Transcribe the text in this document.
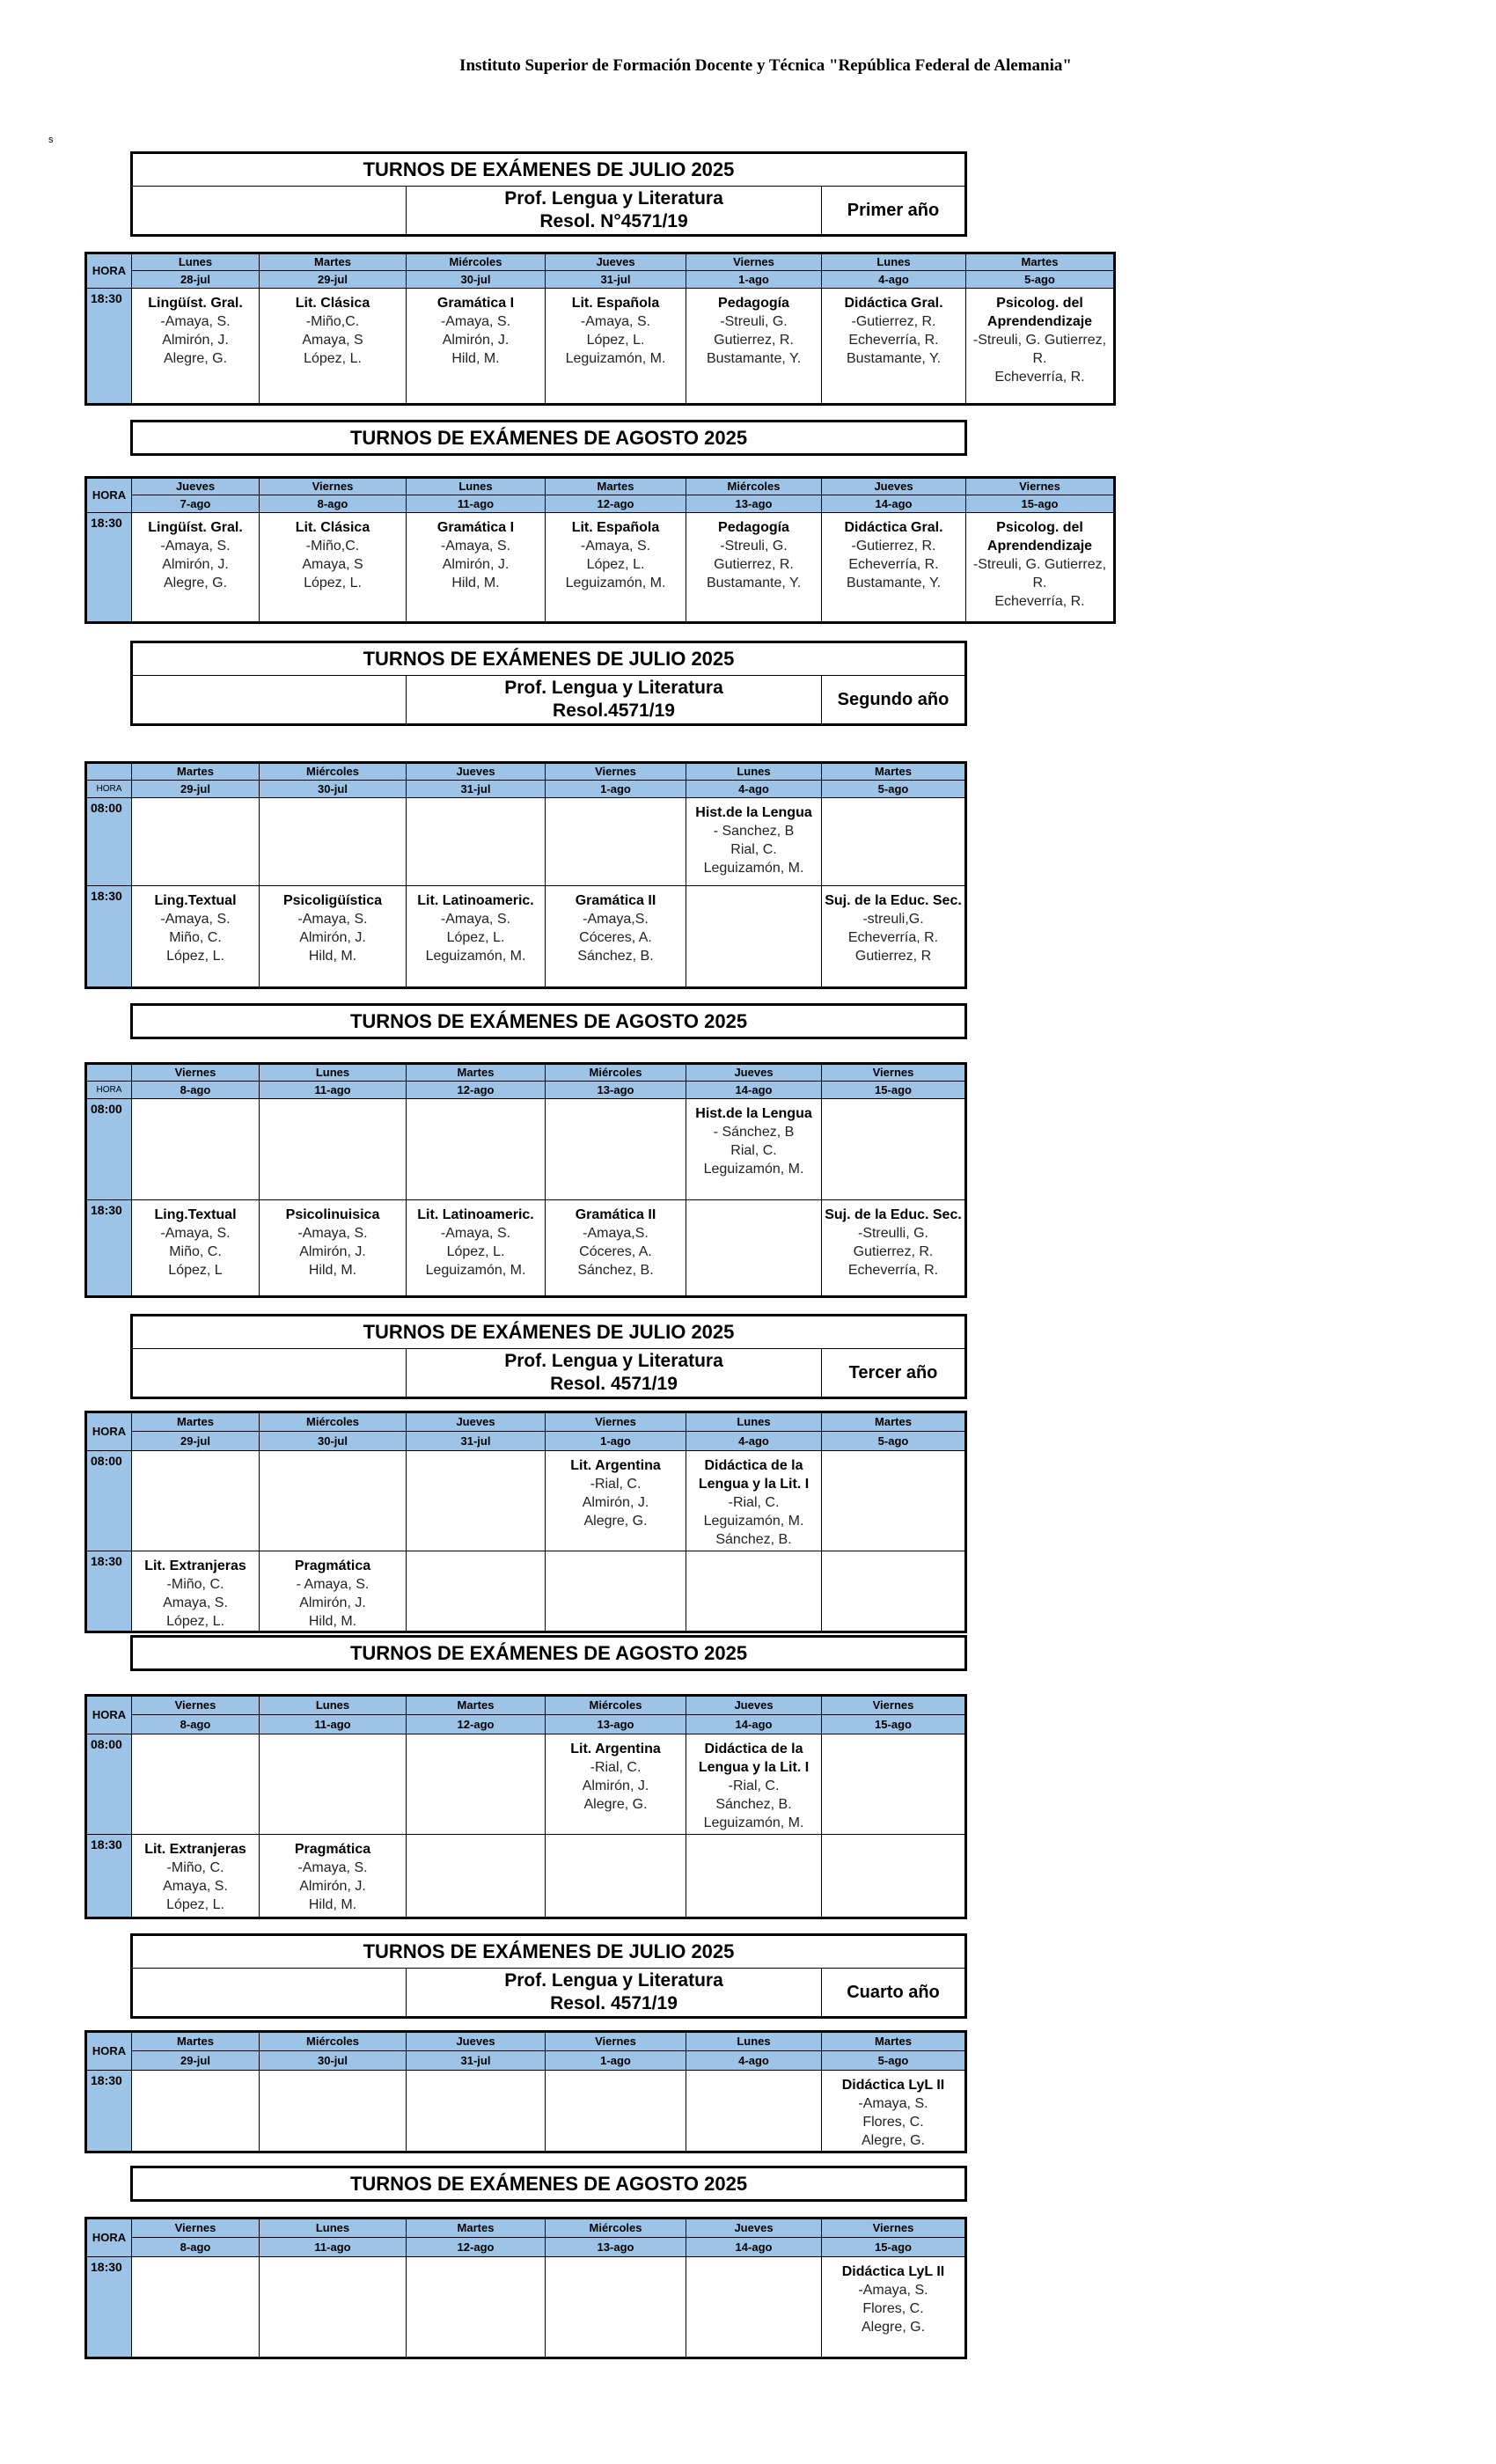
Instituto Superior de Formación Docente y Técnica "República Federal de Alemania"
s
TURNOS DE EXÁMENES DE JULIO 2025

Prof. Lengua y Literatura
Resol. N°4571/19
	Primer año
HORA	Lunes	Martes	Miércoles	Jueves	Viernes	Lunes	Martes
	28-jul	29-jul	30-jul	31-jul	1-ago	4-ago	5-ago
18:30	Lingüíst. Gral.
-Amaya, S.
Almirón, J.
Alegre, G.	Lit. Clásica
-Miño,C.
Amaya, S
López, L.	Gramática I
-Amaya, S.
Almirón, J.
Hild, M.	Lit. Española
-Amaya, S.
López, L.
Leguizamón, M.	Pedagogía
-Streuli, G.
Gutierrez, R.
Bustamante, Y.	Didáctica Gral.
-Gutierrez, R.
Echeverría, R.
Bustamante, Y.	Psicolog. del Aprendendizaje
-Streuli, G. Gutierrez, R.
Echeverría, R.
TURNOS DE EXÁMENES DE AGOSTO 2025
HORA	Jueves	Viernes	Lunes	Martes	Miércoles	Jueves	Viernes
	7-ago	8-ago	11-ago	12-ago	13-ago	14-ago	15-ago
18:30	Lingüíst. Gral.
-Amaya, S.
Almirón, J.
Alegre, G.	Lit. Clásica
-Miño,C.
Amaya, S
López, L.	Gramática I
-Amaya, S.
Almirón, J.
Hild, M.	Lit. Española
-Amaya, S.
López, L.
Leguizamón, M.	Pedagogía
-Streuli, G.
Gutierrez, R.
Bustamante, Y.	Didáctica Gral.
-Gutierrez, R.
Echeverría, R.
Bustamante, Y.	Psicolog. del Aprendendizaje
-Streuli, G. Gutierrez, R.
Echeverría, R.
TURNOS DE EXÁMENES DE JULIO 2025

Prof. Lengua y Literatura
Resol.4571/19
	Segundo año
	Martes	Miércoles	Jueves	Viernes	Lunes	Martes
HORA	29-jul	30-jul	31-jul	1-ago	4-ago	5-ago
08:00					Hist.de la Lengua
- Sanchez, B
Rial, C.
Leguizamón, M.	

18:30	Ling.Textual
-Amaya, S.
Miño, C.
López, L.	Psicoligüística
-Amaya, S.
Almirón, J.
Hild, M.	Lit. Latinoameric.
-Amaya, S.
López, L.
Leguizamón, M.	Gramática II
-Amaya,S.
Cóceres, A.
Sánchez, B.		Suj. de la Educ. Sec.
-streuli,G.
Echeverría, R.
Gutierrez, R
TURNOS DE EXÁMENES DE AGOSTO 2025
	Viernes	Lunes	Martes	Miércoles	Jueves	Viernes
HORA	8-ago	11-ago	12-ago	13-ago	14-ago	15-ago
08:00					Hist.de la Lengua
- Sánchez, B
Rial, C.
Leguizamón, M.	

18:30	Ling.Textual
-Amaya, S.
Miño, C.
López, L	Psicolinuisica
-Amaya, S.
Almirón, J.
Hild, M.	Lit. Latinoameric.
-Amaya, S.
López, L.
Leguizamón, M.	Gramática II
-Amaya,S.
Cóceres, A.
Sánchez, B.		Suj. de la Educ. Sec.
-Streulli, G.
Gutierrez, R.
Echeverría, R.
TURNOS DE EXÁMENES DE JULIO 2025

Prof. Lengua y Literatura
Resol. 4571/19
	Tercer año
HORA	Martes	Miércoles	Jueves	Viernes	Lunes	Martes
	29-jul	30-jul	31-jul	1-ago	4-ago	5-ago
08:00				Lit. Argentina
-Rial, C.
Almirón, J.
Alegre, G.	Didáctica de la Lengua y la Lit. I
-Rial, C.
Leguizamón, M.
Sánchez, B.	

18:30	Lit. Extranjeras
-Miño, C.
Amaya, S.
López, L.	Pragmática
- Amaya, S.
Almirón, J.
Hild, M.				

TURNOS DE EXÁMENES DE AGOSTO 2025
HORA	Viernes	Lunes	Martes	Miércoles	Jueves	Viernes
	8-ago	11-ago	12-ago	13-ago	14-ago	15-ago
08:00				Lit. Argentina
-Rial, C.
Almirón, J.
Alegre, G.	Didáctica de la Lengua y la Lit. I
-Rial, C.
Sánchez, B.
Leguizamón, M.	

18:30	Lit. Extranjeras
-Miño, C.
Amaya, S.
López, L.	Pragmática
-Amaya, S.
Almirón, J.
Hild, M.				

TURNOS DE EXÁMENES DE JULIO 2025

Prof. Lengua y Literatura
Resol. 4571/19
	Cuarto año
HORA	Martes	Miércoles	Jueves	Viernes	Lunes	Martes
	29-jul	30-jul	31-jul	1-ago	4-ago	5-ago
18:30						Didáctica LyL II
-Amaya, S.
Flores, C.
Alegre, G.
TURNOS DE EXÁMENES DE AGOSTO 2025
HORA	Viernes	Lunes	Martes	Miércoles	Jueves	Viernes
	8-ago	11-ago	12-ago	13-ago	14-ago	15-ago
18:30						Didáctica LyL II
-Amaya, S.
Flores, C.
Alegre, G.
